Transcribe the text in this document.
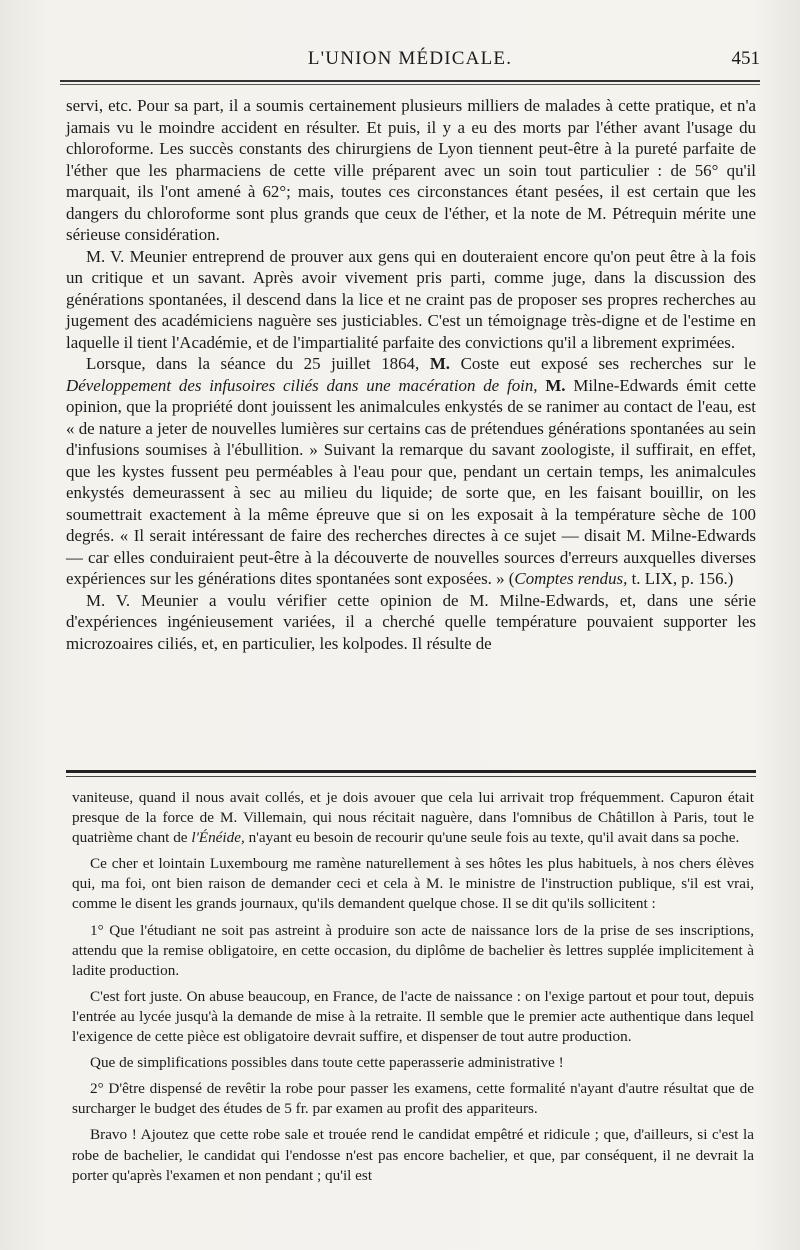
L'UNION MÉDICALE.	451

servi, etc. Pour sa part, il a soumis certainement plusieurs milliers de malades à cette pratique, et n'a jamais vu le moindre accident en résulter. Et puis, il y a eu des morts par l'éther avant l'usage du chloroforme. Les succès constants des chirurgiens de Lyon tiennent peut-être à la pureté parfaite de l'éther que les pharmaciens de cette ville préparent avec un soin tout particulier : de 56° qu'il marquait, ils l'ont amené à 62°; mais, toutes ces circonstances étant pesées, il est certain que les dangers du chloroforme sont plus grands que ceux de l'éther, et la note de M. Pétrequin mérite une sérieuse considération.

M. V. Meunier entreprend de prouver aux gens qui en douteraient encore qu'on peut être à la fois un critique et un savant. Après avoir vivement pris parti, comme juge, dans la discussion des générations spontanées, il descend dans la lice et ne craint pas de proposer ses propres recherches au jugement des académiciens naguère ses justiciables. C'est un témoignage très-digne et de l'estime en laquelle il tient l'Académie, et de l'impartialité parfaite des convictions qu'il a librement exprimées.

Lorsque, dans la séance du 25 juillet 1864, M. Coste eut exposé ses recherches sur le Développement des infusoires ciliés dans une macération de foin, M. Milne-Edwards émit cette opinion, que la propriété dont jouissent les animalcules enkystés de se ranimer au contact de l'eau, est « de nature a jeter de nouvelles lumières sur certains cas de prétendues générations spontanées au sein d'infusions soumises à l'ébullition. » Suivant la remarque du savant zoologiste, il suffirait, en effet, que les kystes fussent peu perméables à l'eau pour que, pendant un certain temps, les animalcules enkystés demeurassent à sec au milieu du liquide; de sorte que, en les faisant bouillir, on les soumettrait exactement à la même épreuve que si on les exposait à la température sèche de 100 degrés. « Il serait intéressant de faire des recherches directes à ce sujet — disait M. Milne-Edwards — car elles conduiraient peut-être à la découverte de nouvelles sources d'erreurs auxquelles diverses expériences sur les générations dites spontanées sont exposées. » (Comptes rendus, t. LIX, p. 156.)

M. V. Meunier a voulu vérifier cette opinion de M. Milne-Edwards, et, dans une série d'expériences ingénieusement variées, il a cherché quelle température pouvaient supporter les microzoaires ciliés, et, en particulier, les kolpodes. Il résulte de

vaniteuse, quand il nous avait collés, et je dois avouer que cela lui arrivait trop fréquemment. Capuron était presque de la force de M. Villemain, qui nous récitait naguère, dans l'omnibus de Châtillon à Paris, tout le quatrième chant de l'Énéide, n'ayant eu besoin de recourir qu'une seule fois au texte, qu'il avait dans sa poche.

Ce cher et lointain Luxembourg me ramène naturellement à ses hôtes les plus habituels, à nos chers élèves qui, ma foi, ont bien raison de demander ceci et cela à M. le ministre de l'instruction publique, s'il est vrai, comme le disent les grands journaux, qu'ils demandent quelque chose. Il se dit qu'ils sollicitent :

1° Que l'étudiant ne soit pas astreint à produire son acte de naissance lors de la prise de ses inscriptions, attendu que la remise obligatoire, en cette occasion, du diplôme de bachelier ès lettres supplée implicitement à ladite production.

C'est fort juste. On abuse beaucoup, en France, de l'acte de naissance : on l'exige partout et pour tout, depuis l'entrée au lycée jusqu'à la demande de mise à la retraite. Il semble que le premier acte authentique dans lequel l'exigence de cette pièce est obligatoire devrait suffire, et dispenser de tout autre production.

Que de simplifications possibles dans toute cette paperasserie administrative !

2° D'être dispensé de revêtir la robe pour passer les examens, cette formalité n'ayant d'autre résultat que de surcharger le budget des études de 5 fr. par examen au profit des appariteurs.

Bravo ! Ajoutez que cette robe sale et trouée rend le candidat empêtré et ridicule ; que, d'ailleurs, si c'est la robe de bachelier, le candidat qui l'endosse n'est pas encore bachelier, et que, par conséquent, il ne devrait la porter qu'après l'examen et non pendant ; qu'il est
